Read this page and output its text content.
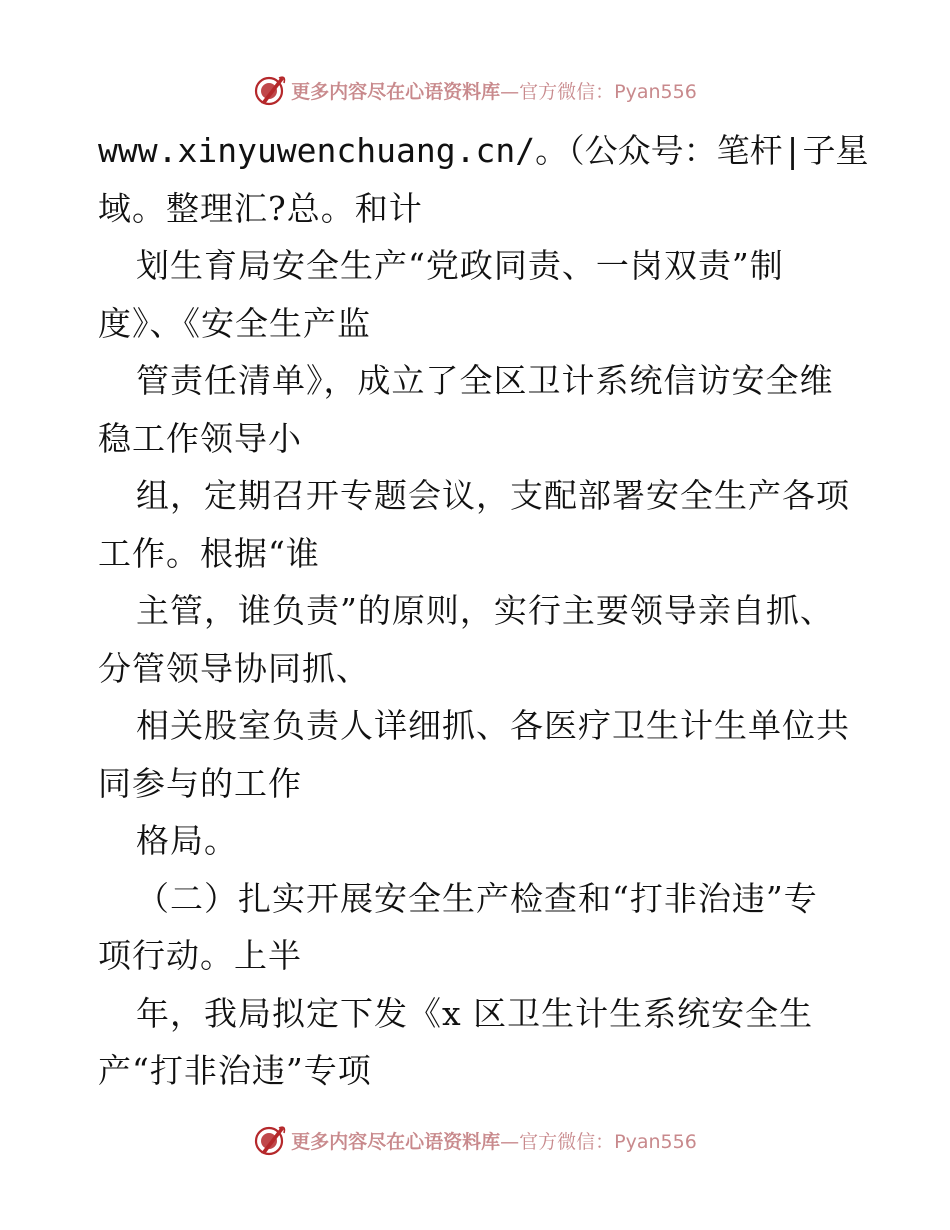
更多内容尽在心语资料库—官方微信：Pyan556
www.xinyuwenchuang.cn/。（公众号：笔杆|子星
域。整理汇?总。和计
划生育局安全生产“党政同责、一岗双责”制
度》、《安全生产监
管责任清单》，成立了全区卫计系统信访安全维
稳工作领导小
组，定期召开专题会议，支配部署安全生产各项
工作。根据“谁
主管，谁负责”的原则，实行主要领导亲自抓、
分管领导协同抓、
相关股室负责人详细抓、各医疗卫生计生单位共
同参与的工作
格局。
（二）扎实开展安全生产检查和“打非治违”专
项行动。上半
年，我局拟定下发《x 区卫生计生系统安全生
产“打非治违”专项
更多内容尽在心语资料库—官方微信：Pyan556
